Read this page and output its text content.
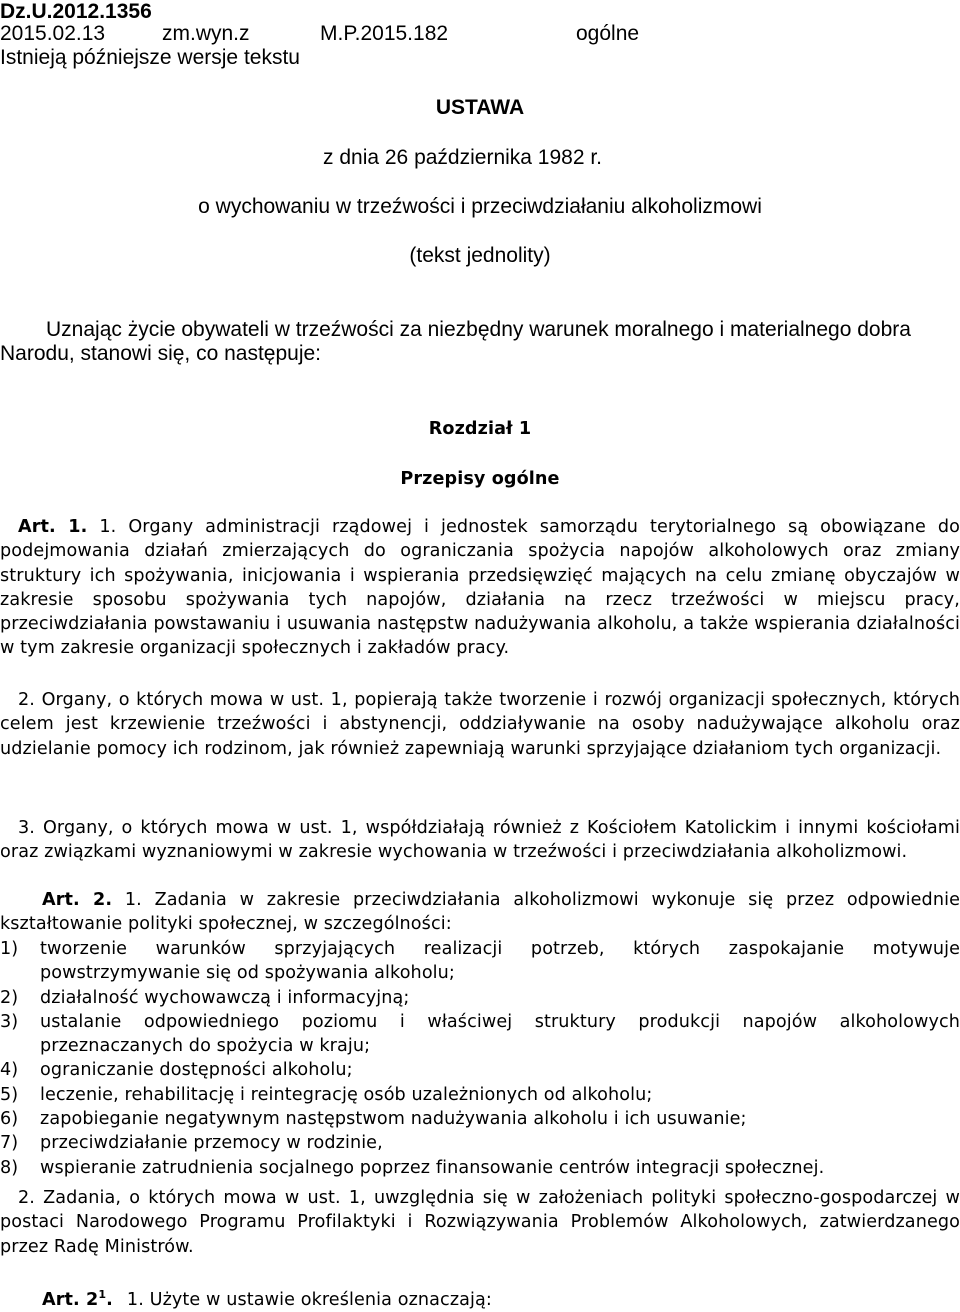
Dz.U.2012.1356
2015.02.13	zm.wyn.z	M.P.2015.182	ogólne
Istnieją późniejsze wersje tekstu
USTAWA
z dnia 26 października 1982 r.
o wychowaniu w trzeźwości i przeciwdziałaniu alkoholizmowi
(tekst jednolity)
Uznając życie obywateli w trzeźwości za niezbędny warunek moralnego i materialnego dobra Narodu, stanowi się, co następuje:
Rozdział 1
Przepisy ogólne
Art. 1. 1. Organy administracji rządowej i jednostek samorządu terytorialnego są obowiązane do podejmowania działań zmierzających do ograniczania spożycia napojów alkoholowych oraz zmiany struktury ich spożywania, inicjowania i wspierania przedsięwzięć mających na celu zmianę obyczajów w zakresie sposobu spożywania tych napojów, działania na rzecz trzeźwości w miejscu pracy, przeciwdziałania powstawaniu i usuwania następstw nadużywania alkoholu, a także wspierania działalności w tym zakresie organizacji społecznych i zakładów pracy.
2. Organy, o których mowa w ust. 1, popierają także tworzenie i rozwój organizacji społecznych, których celem jest krzewienie trzeźwości i abstynencji, oddziaływanie na osoby nadużywające alkoholu oraz udzielanie pomocy ich rodzinom, jak również zapewniają warunki sprzyjające działaniom tych organizacji.
3. Organy, o których mowa w ust. 1, współdziałają również z Kościołem Katolickim i innymi kościołami oraz związkami wyznaniowymi w zakresie wychowania w trzeźwości i przeciwdziałania alkoholizmowi.
Art. 2. 1. Zadania w zakresie przeciwdziałania alkoholizmowi wykonuje się przez odpowiednie kształtowanie polityki społecznej, w szczególności:
1) tworzenie warunków sprzyjających realizacji potrzeb, których zaspokajanie motywuje powstrzymywanie się od spożywania alkoholu;
2) działalność wychowawczą i informacyjną;
3) ustalanie odpowiedniego poziomu i właściwej struktury produkcji napojów alkoholowych przeznaczanych do spożycia w kraju;
4) ograniczanie dostępności alkoholu;
5) leczenie, rehabilitację i reintegrację osób uzależnionych od alkoholu;
6) zapobieganie negatywnym następstwom nadużywania alkoholu i ich usuwanie;
7) przeciwdziałanie przemocy w rodzinie,
8) wspieranie zatrudnienia socjalnego poprzez finansowanie centrów integracji społecznej.
2. Zadania, o których mowa w ust. 1, uwzględnia się w założeniach polityki społeczno-gospodarczej w postaci Narodowego Programu Profilaktyki i Rozwiązywania Problemów Alkoholowych, zatwierdzanego przez Radę Ministrów.
Art. $2^1$. 1. Użyte w ustawie określenia oznaczają:
